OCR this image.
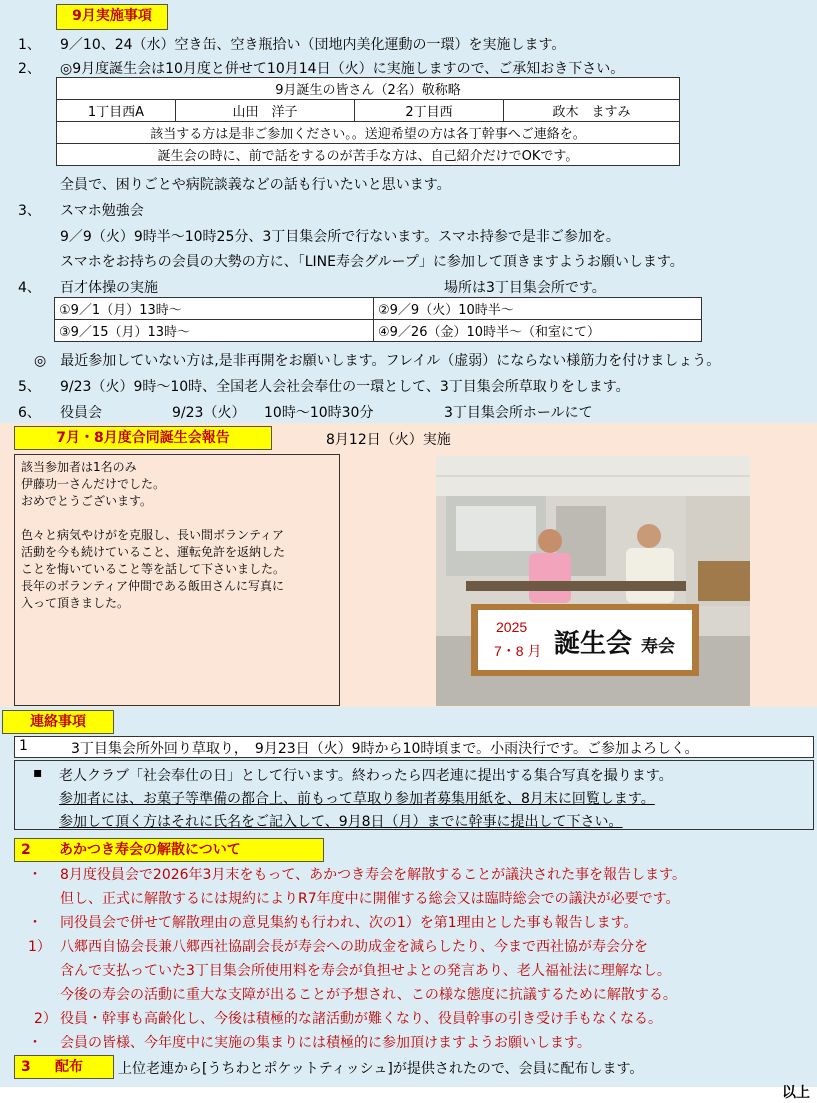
9月実施事項
1、 9／10、24（水）空き缶、空き瓶拾い（団地内美化運動の一環）を実施します。
2、 ◎9月度誕生会は10月度と併せて10月14日（火）に実施しますので、ご承知おき下さい。
9月誕生の皆さん（2名）敬称略
1丁目西A	山田　洋子	2丁目西	政木　ますみ
該当する方は是非ご参加ください。。送迎希望の方は各丁幹事へご連絡を。
誕生会の時に、前で話をするのが苦手な方は、自己紹介だけでOKです。
全員で、困りごとや病院談義などの話も行いたいと思います。
3、 スマホ勉強会
9／9（火）9時半～10時25分、3丁目集会所で行ないます。スマホ持参で是非ご参加を。
スマホをお持ちの会員の大勢の方に、「LINE寿会グループ」に参加して頂きますようお願いします。
4、 百才体操の実施	場所は3丁目集会所です。
①9／1（月）13時～	②9／9（火）10時半～
③9／15（月）13時～	④9／26（金）10時半～（和室にて）
◎　最近参加していない方は,是非再開をお願いします。フレイル（虚弱）にならない様筋力を付けましょう。
5、 9/23（火）9時～10時、全国老人会社会奉仕の一環として、3丁目集会所草取りをします。
6、 役員会	9/23（火） 10時～10時30分	3丁目集会所ホールにて
7月・8月度合同誕生会報告	8月12日（火）実施
該当参加者は1名のみ
伊藤功一さんだけでした。
おめでとうございます。
色々と病気やけがを克服し、長い間ボランティア
活動を今も続けていること、運転免許を返納した
ことを悔いていること等を話して下さいました。
長年のボランティア仲間である飯田さんに写真に
入って頂きました。
2025
7・8 月 誕生会 寿会
連絡事項
1	3丁目集会所外回り草取り，　9月23日（火）9時から10時頃まで。小雨決行です。ご参加よろしく。
▪ 老人クラブ「社会奉仕の日」として行います。終わったら四老連に提出する集合写真を撮ります。
参加者には、お菓子等準備の都合上、前もって草取り参加者募集用紙を、8月末に回覧します。
参加して頂く方はそれに氏名をご記入して、9月8日（月）までに幹事に提出して下さい。
2 あかつき寿会の解散について
・ 8月度役員会で2026年3月末をもって、あかつき寿会を解散することが議決された事を報告します。
但し、正式に解散するには規約によりR7年度中に開催する総会又は臨時総会での議決が必要です。
・ 同役員会で併せて解散理由の意見集約も行われ、次の1）を第1理由とした事も報告します。
1） 八郷西自協会長兼八郷西社協副会長が寿会への助成金を減らしたり、今まで西社協が寿会分を
含んで支払っていた3丁目集会所使用料を寿会が負担せよとの発言あり、老人福祉法に理解なし。
今後の寿会の活動に重大な支障が出ることが予想され、この様な態度に抗議するために解散する。
2） 役員・幹事も高齢化し、今後は積極的な諸活動が難くなり、役員幹事の引き受け手もなくなる。
・ 会員の皆様、今年度中に実施の集まりには積極的に参加頂けますようお願いします。
3 配布	上位老連から[うちわとポケットティッシュ]が提供されたので、会員に配布します。
以上
